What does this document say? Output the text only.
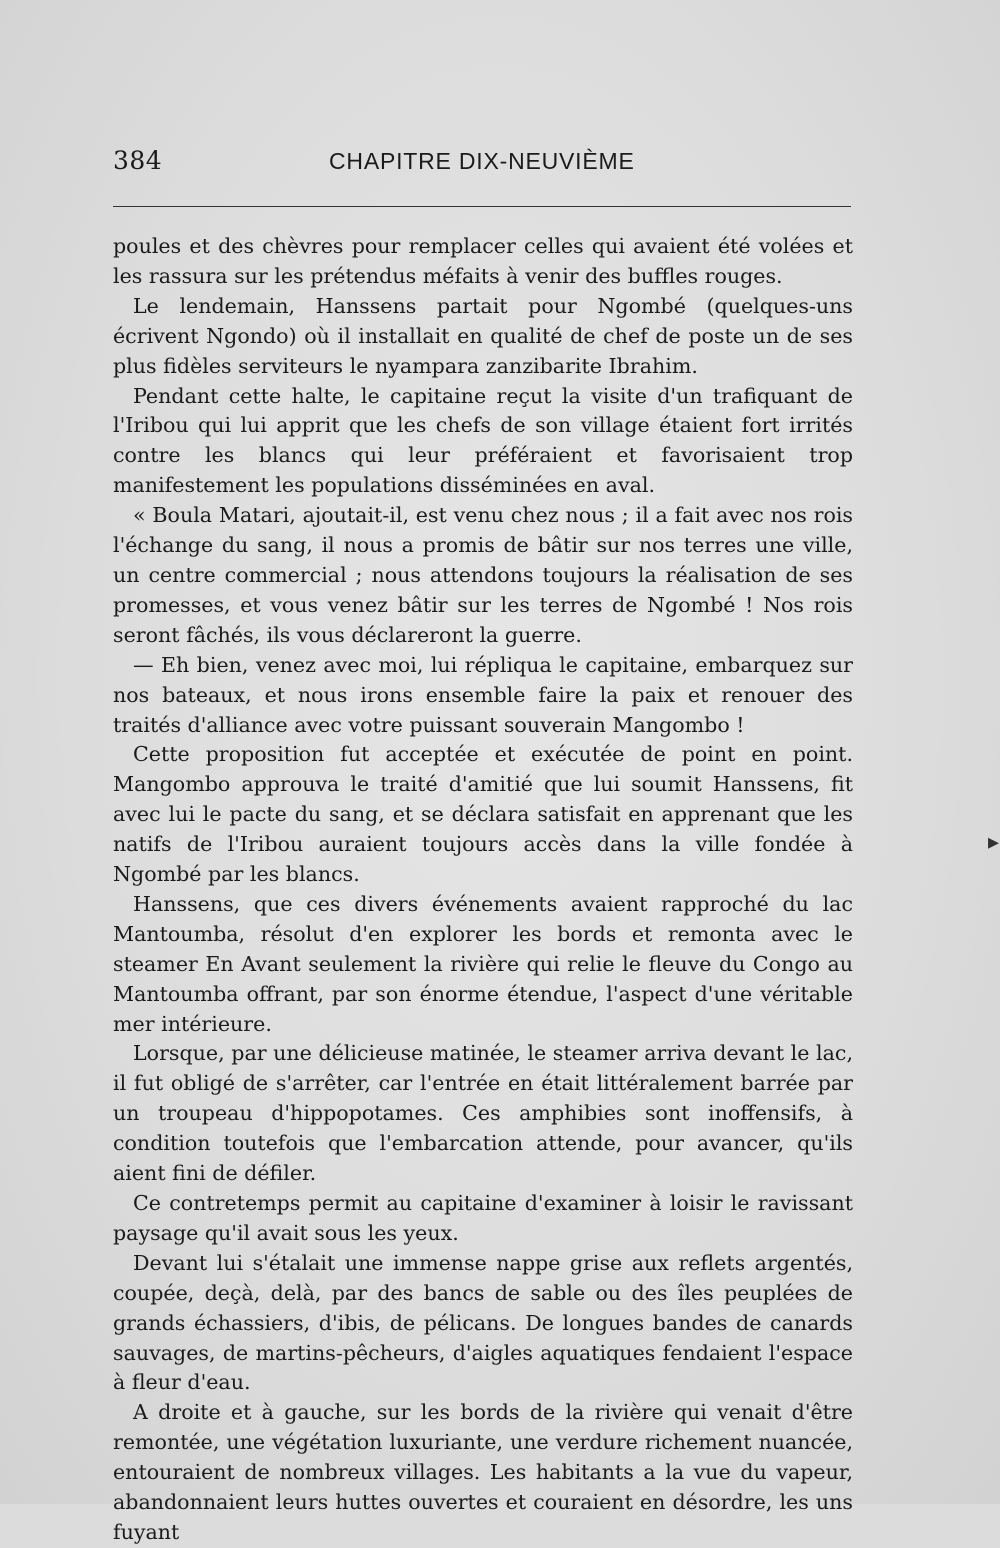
384	CHAPITRE DIX-NEUVIÈME

poules et des chèvres pour remplacer celles qui avaient été volées et les rassura sur les prétendus méfaits à venir des buffles rouges.

Le lendemain, Hanssens partait pour Ngombé (quelques-uns écrivent Ngondo) où il installait en qualité de chef de poste un de ses plus fidèles serviteurs le nyampara zanzibarite Ibrahim.

Pendant cette halte, le capitaine reçut la visite d'un trafiquant de l'Iribou qui lui apprit que les chefs de son village étaient fort irrités contre les blancs qui leur préféraient et favorisaient trop manifestement les populations disséminées en aval.

« Boula Matari, ajoutait-il, est venu chez nous ; il a fait avec nos rois l'échange du sang, il nous a promis de bâtir sur nos terres une ville, un centre commercial ; nous attendons toujours la réalisation de ses promesses, et vous venez bâtir sur les terres de Ngombé ! Nos rois seront fâchés, ils vous déclareront la guerre.

— Eh bien, venez avec moi, lui répliqua le capitaine, embarquez sur nos bateaux, et nous irons ensemble faire la paix et renouer des traités d'alliance avec votre puissant souverain Mangombo !

Cette proposition fut acceptée et exécutée de point en point. Mangombo approuva le traité d'amitié que lui soumit Hanssens, fit avec lui le pacte du sang, et se déclara satisfait en apprenant que les natifs de l'Iribou auraient toujours accès dans la ville fondée à Ngombé par les blancs.

Hanssens, que ces divers événements avaient rapproché du lac Mantoumba, résolut d'en explorer les bords et remonta avec le steamer En Avant seulement la rivière qui relie le fleuve du Congo au Mantoumba offrant, par son énorme étendue, l'aspect d'une véritable mer intérieure.

Lorsque, par une délicieuse matinée, le steamer arriva devant le lac, il fut obligé de s'arrêter, car l'entrée en était littéralement barrée par un troupeau d'hippopotames. Ces amphibies sont inoffensifs, à condition toutefois que l'embarcation attende, pour avancer, qu'ils aient fini de défiler.

Ce contretemps permit au capitaine d'examiner à loisir le ravissant paysage qu'il avait sous les yeux.

Devant lui s'étalait une immense nappe grise aux reflets argentés, coupée, deçà, delà, par des bancs de sable ou des îles peuplées de grands échassiers, d'ibis, de pélicans. De longues bandes de canards sauvages, de martins-pêcheurs, d'aigles aquatiques fendaient l'espace à fleur d'eau.

A droite et à gauche, sur les bords de la rivière qui venait d'être remontée, une végétation luxuriante, une verdure richement nuancée, entouraient de nombreux villages. Les habitants a la vue du vapeur, abandonnaient leurs huttes ouvertes et couraient en désordre, les uns fuyant

▸
